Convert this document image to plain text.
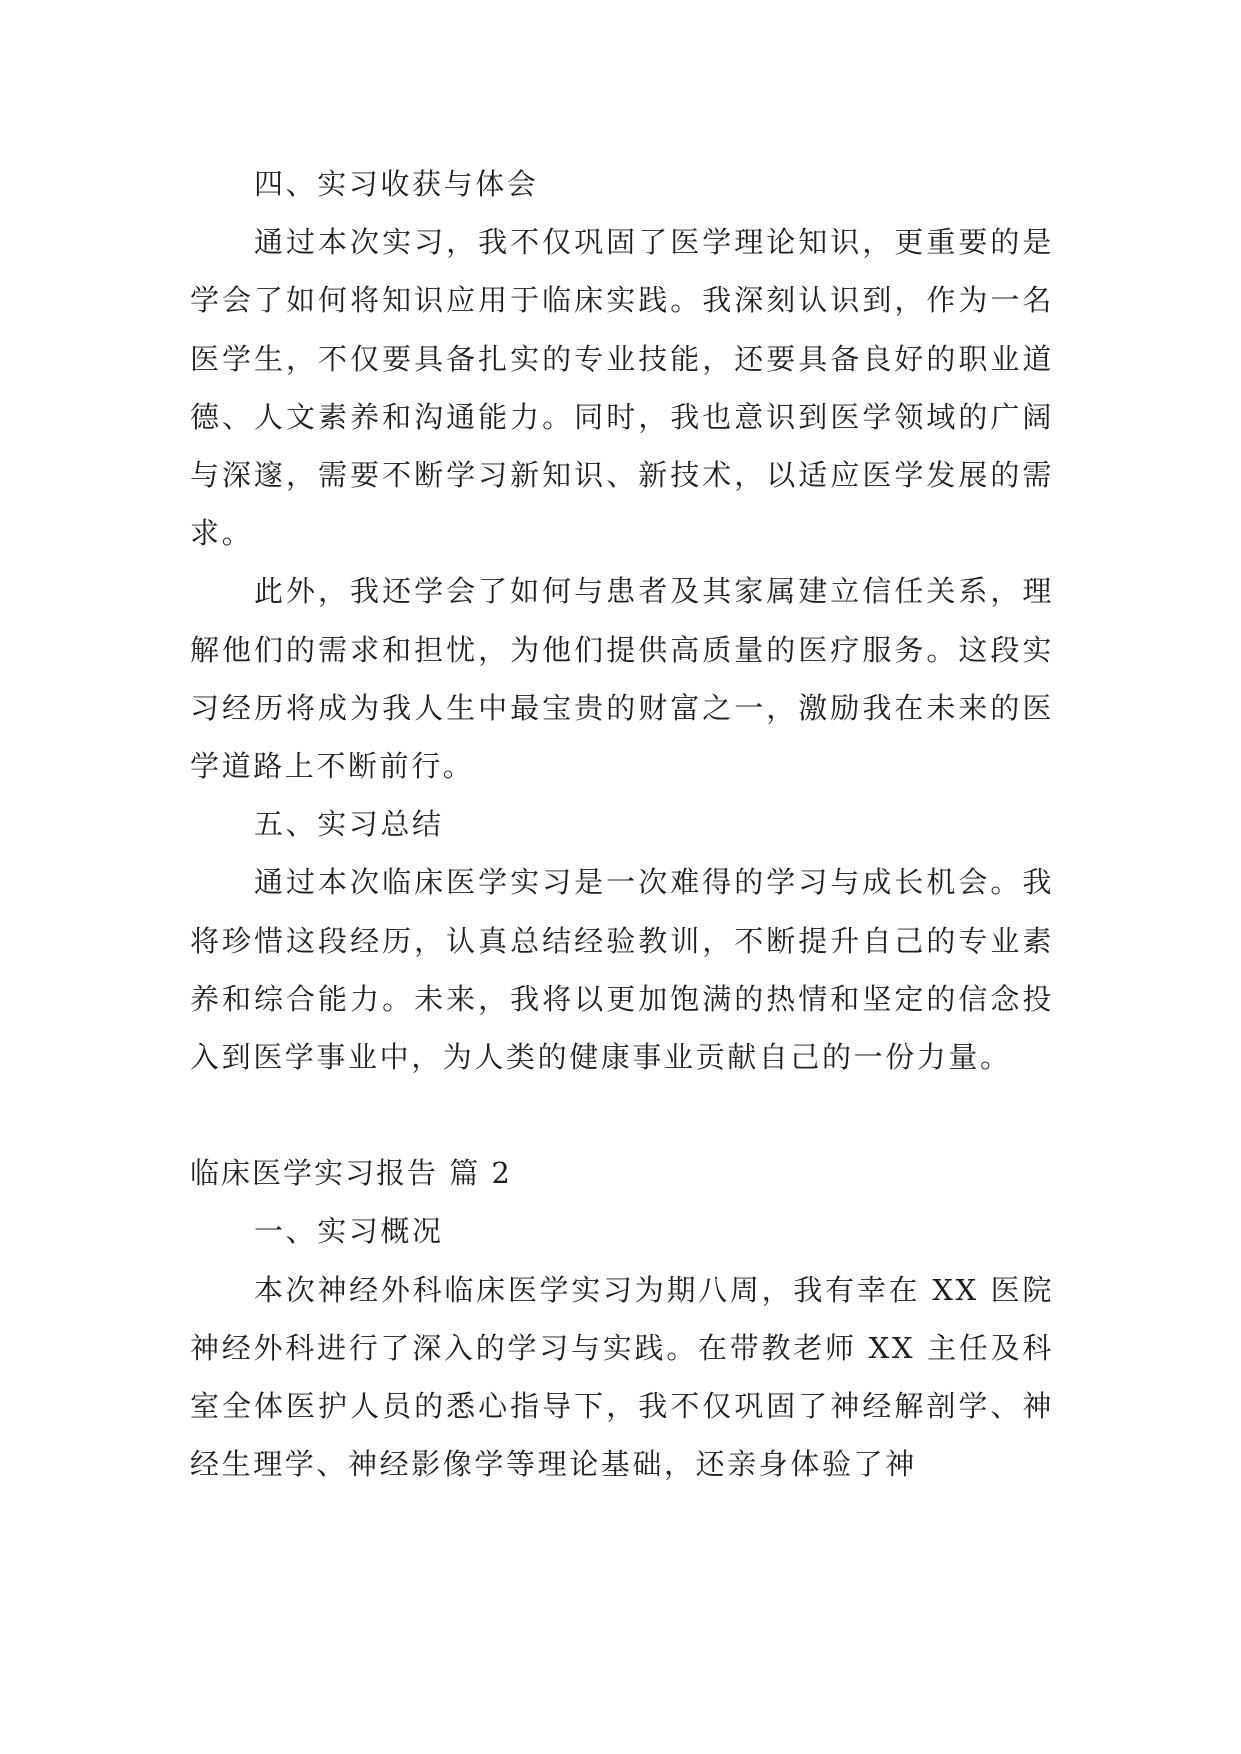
四、实习收获与体会

通过本次实习，我不仅巩固了医学理论知识，更重要的是学会了如何将知识应用于临床实践。我深刻认识到，作为一名医学生，不仅要具备扎实的专业技能，还要具备良好的职业道德、人文素养和沟通能力。同时，我也意识到医学领域的广阔与深邃，需要不断学习新知识、新技术，以适应医学发展的需求。

此外，我还学会了如何与患者及其家属建立信任关系，理解他们的需求和担忧，为他们提供高质量的医疗服务。这段实习经历将成为我人生中最宝贵的财富之一，激励我在未来的医学道路上不断前行。

五、实习总结

通过本次临床医学实习是一次难得的学习与成长机会。我将珍惜这段经历，认真总结经验教训，不断提升自己的专业素养和综合能力。未来，我将以更加饱满的热情和坚定的信念投入到医学事业中，为人类的健康事业贡献自己的一份力量。

临床医学实习报告 篇 2

一、实习概况

本次神经外科临床医学实习为期八周，我有幸在 XX 医院神经外科进行了深入的学习与实践。在带教老师 XX 主任及科室全体医护人员的悉心指导下，我不仅巩固了神经解剖学、神经生理学、神经影像学等理论基础，还亲身体验了神
